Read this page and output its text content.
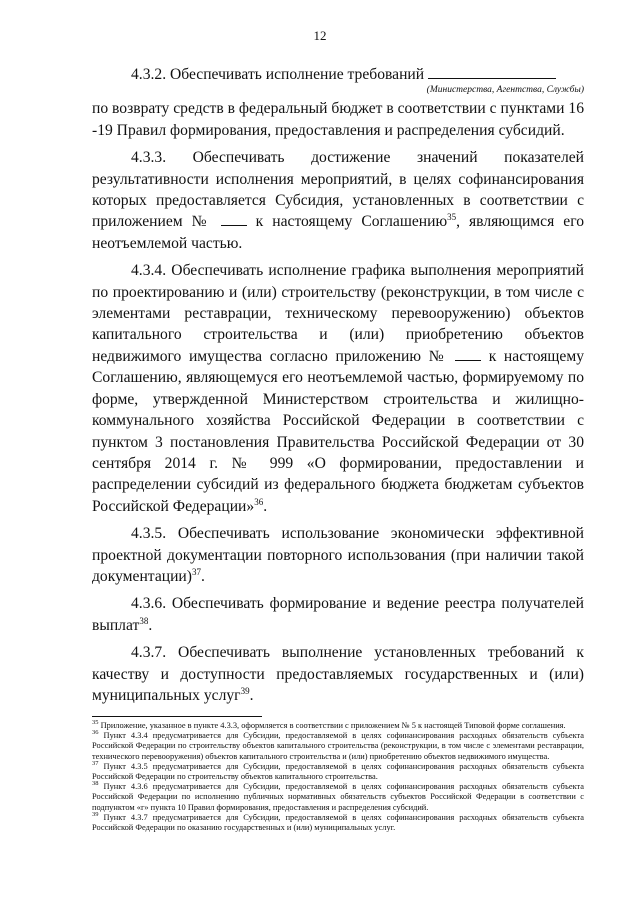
12

4.3.2. Обеспечивать исполнение требований

(Министерства, Агентства, Службы)

по возврату средств в федеральный бюджет в соответствии с пунктами 16 -19 Правил формирования, предоставления и распределения субсидий.

4.3.3. Обеспечивать достижение значений показателей результативности исполнения мероприятий, в целях софинансирования которых предоставляется Субсидия, установленных в соответствии с приложением №	к настоящему Соглашению$^{35}$, являющимся его неотъемлемой частью.

4.3.4. Обеспечивать исполнение графика выполнения мероприятий по проектированию и (или) строительству (реконструкции, в том числе с элементами реставрации, техническому перевооружению) объектов капитального строительства и (или) приобретению объектов недвижимого имущества согласно приложению №	к настоящему Соглашению, являющемуся его неотъемлемой частью, формируемому по форме, утвержденной Министерством строительства и жилищно-коммунального хозяйства Российской Федерации в соответствии с пунктом 3 постановления Правительства Российской Федерации от 30 сентября 2014 г. № 999 «О формировании, предоставлении и распределении субсидий из федерального бюджета бюджетам субъектов Российской Федерации»$^{36}$.

4.3.5. Обеспечивать использование экономически эффективной проектной документации повторного использования (при наличии такой документации)$^{37}$.

4.3.6. Обеспечивать формирование и ведение реестра получателей выплат$^{38}$.

4.3.7. Обеспечивать выполнение установленных требований к качеству и доступности предоставляемых государственных и (или) муниципальных услуг$^{39}$.

$^{35}$ Приложение, указанное в пункте 4.3.3, оформляется в соответствии с приложением № 5 к настоящей Типовой форме соглашения.

$^{36}$ Пункт 4.3.4 предусматривается для Субсидии, предоставляемой в целях софинансирования расходных обязательств субъекта Российской Федерации по строительству объектов капитального строительства (реконструкции, в том числе с элементами реставрации, технического перевооружения) объектов капитального строительства и (или) приобретению объектов недвижимого имущества.

$^{37}$ Пункт 4.3.5 предусматривается для Субсидии, предоставляемой в целях софинансирования расходных обязательств субъекта Российской Федерации по строительству объектов капитального строительства.

$^{38}$ Пункт 4.3.6 предусматривается для Субсидии, предоставляемой в целях софинансирования расходных обязательств субъекта Российской Федерации по исполнению публичных нормативных обязательств субъектов Российской Федерации в соответствии с подпунктом «г» пункта 10 Правил формирования, предоставления и распределения субсидий.

$^{39}$ Пункт 4.3.7 предусматривается для Субсидии, предоставляемой в целях софинансирования расходных обязательств субъекта Российской Федерации по оказанию государственных и (или) муниципальных услуг.
